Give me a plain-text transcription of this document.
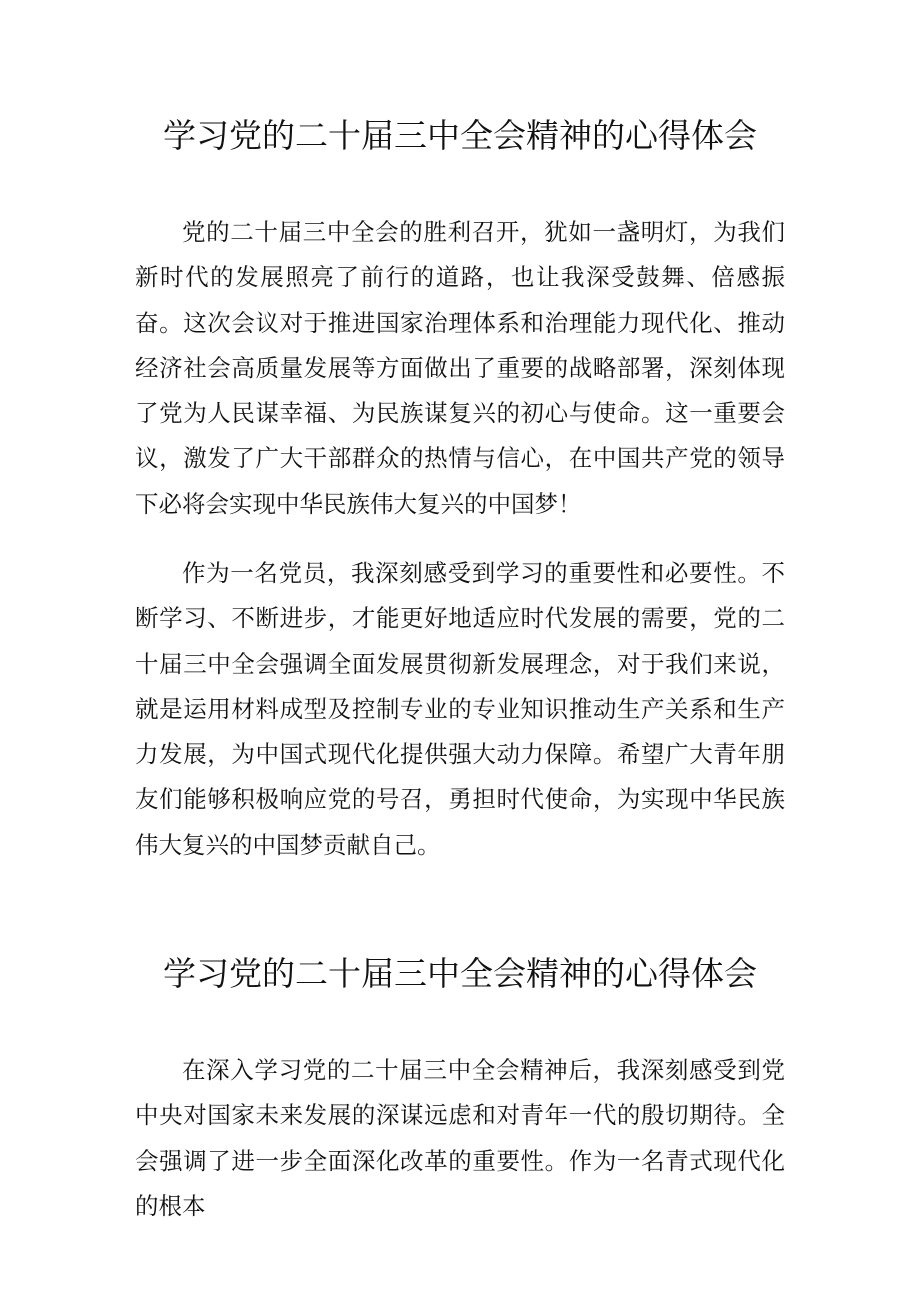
学习党的二十届三中全会精神的心得体会

党的二十届三中全会的胜利召开，犹如一盏明灯，为我们新时代的发展照亮了前行的道路，也让我深受鼓舞、倍感振奋。这次会议对于推进国家治理体系和治理能力现代化、推动经济社会高质量发展等方面做出了重要的战略部署，深刻体现了党为人民谋幸福、为民族谋复兴的初心与使命。这一重要会议，激发了广大干部群众的热情与信心，在中国共产党的领导下必将会实现中华民族伟大复兴的中国梦！

作为一名党员，我深刻感受到学习的重要性和必要性。不断学习、不断进步，才能更好地适应时代发展的需要，党的二十届三中全会强调全面发展贯彻新发展理念，对于我们来说，就是运用材料成型及控制专业的专业知识推动生产关系和生产力发展，为中国式现代化提供强大动力保障。希望广大青年朋友们能够积极响应党的号召，勇担时代使命，为实现中华民族伟大复兴的中国梦贡献自己。

学习党的二十届三中全会精神的心得体会

在深入学习党的二十届三中全会精神后，我深刻感受到党中央对国家未来发展的深谋远虑和对青年一代的殷切期待。全会强调了进一步全面深化改革的重要性。作为一名青式现代化的根本
